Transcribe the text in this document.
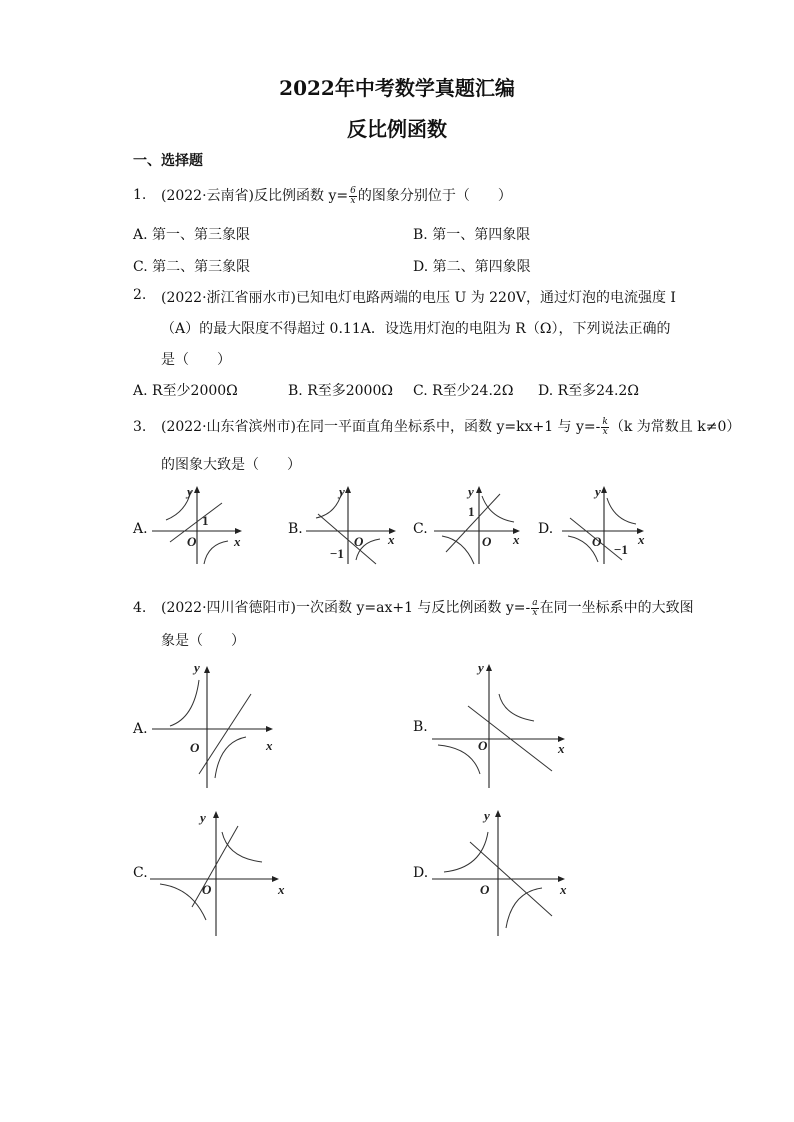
2022年中考数学真题汇编
反比例函数
一、选择题
1. (2022·云南省)反比例函数 $y= \frac{6}{x}$ 的图象分别位于（　　）
A. 第一、第三象限	B. 第一、第四象限
C. 第二、第三象限	D. 第二、第四象限
2. (2022·浙江省丽水市)已知电灯电路两端的电压 U 为 220V，通过灯泡的电流强度 I
（A）的最大限度不得超过 0.11A．设选用灯泡的电阻为 R（Ω），下列说法正确的
是（　　）
A. R至少2000Ω	B. R至多2000Ω C. R至少24.2Ω D. R至多24.2Ω
3. (2022·山东省滨州市)在同一平面直角坐标系中，函数 y=kx+1 与 $y=- \frac{k}{x} (k$ 为常数且 k≠0）
的图象大致是（　　）
A.	B.	C.	D.
y
x
O
1
y
x
O
−1
y
x
O
1
y
x
O
−1
4. (2022·四川省德阳市)一次函数 y=ax+1 与反比例函数 $y=- \frac{a}{x}$ 在同一坐标系中的大致图
象是（　　）
A.	B.
C.	D.
y
x
O
y
x
O
y
x
O
y
x
O
